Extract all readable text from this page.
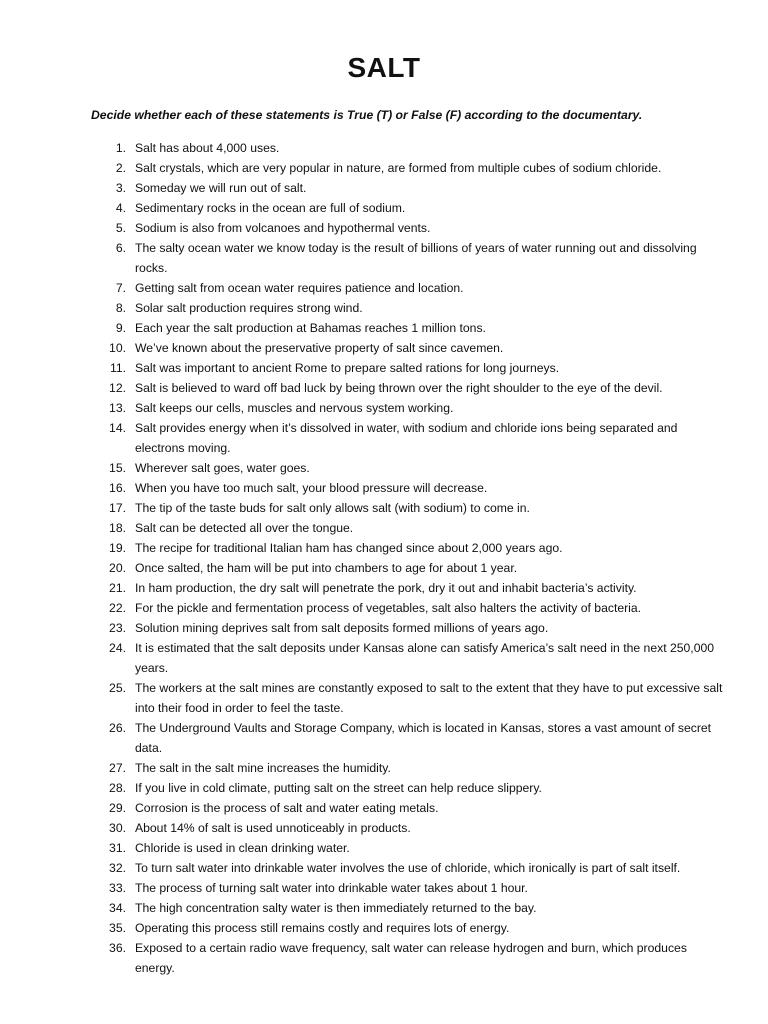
SALT
Decide whether each of these statements is True (T) or False (F) according to the documentary.
1. Salt has about 4,000 uses.
2. Salt crystals, which are very popular in nature, are formed from multiple cubes of sodium chloride.
3. Someday we will run out of salt.
4. Sedimentary rocks in the ocean are full of sodium.
5. Sodium is also from volcanoes and hypothermal vents.
6. The salty ocean water we know today is the result of billions of years of water running out and dissolving rocks.
7. Getting salt from ocean water requires patience and location.
8. Solar salt production requires strong wind.
9. Each year the salt production at Bahamas reaches 1 million tons.
10. We’ve known about the preservative property of salt since cavemen.
11. Salt was important to ancient Rome to prepare salted rations for long journeys.
12. Salt is believed to ward off bad luck by being thrown over the right shoulder to the eye of the devil.
13. Salt keeps our cells, muscles and nervous system working.
14. Salt provides energy when it’s dissolved in water, with sodium and chloride ions being separated and electrons moving.
15. Wherever salt goes, water goes.
16. When you have too much salt, your blood pressure will decrease.
17. The tip of the taste buds for salt only allows salt (with sodium) to come in.
18. Salt can be detected all over the tongue.
19. The recipe for traditional Italian ham has changed since about 2,000 years ago.
20. Once salted, the ham will be put into chambers to age for about 1 year.
21. In ham production, the dry salt will penetrate the pork, dry it out and inhabit bacteria’s activity.
22. For the pickle and fermentation process of vegetables, salt also halters the activity of bacteria.
23. Solution mining deprives salt from salt deposits formed millions of years ago.
24. It is estimated that the salt deposits under Kansas alone can satisfy America’s salt need in the next 250,000 years.
25. The workers at the salt mines are constantly exposed to salt to the extent that they have to put excessive salt into their food in order to feel the taste.
26. The Underground Vaults and Storage Company, which is located in Kansas, stores a vast amount of secret data.
27. The salt in the salt mine increases the humidity.
28. If you live in cold climate, putting salt on the street can help reduce slippery.
29. Corrosion is the process of salt and water eating metals.
30. About 14% of salt is used unnoticeably in products.
31. Chloride is used in clean drinking water.
32. To turn salt water into drinkable water involves the use of chloride, which ironically is part of salt itself.
33. The process of turning salt water into drinkable water takes about 1 hour.
34. The high concentration salty water is then immediately returned to the bay.
35. Operating this process still remains costly and requires lots of energy.
36. Exposed to a certain radio wave frequency, salt water can release hydrogen and burn, which produces energy.
